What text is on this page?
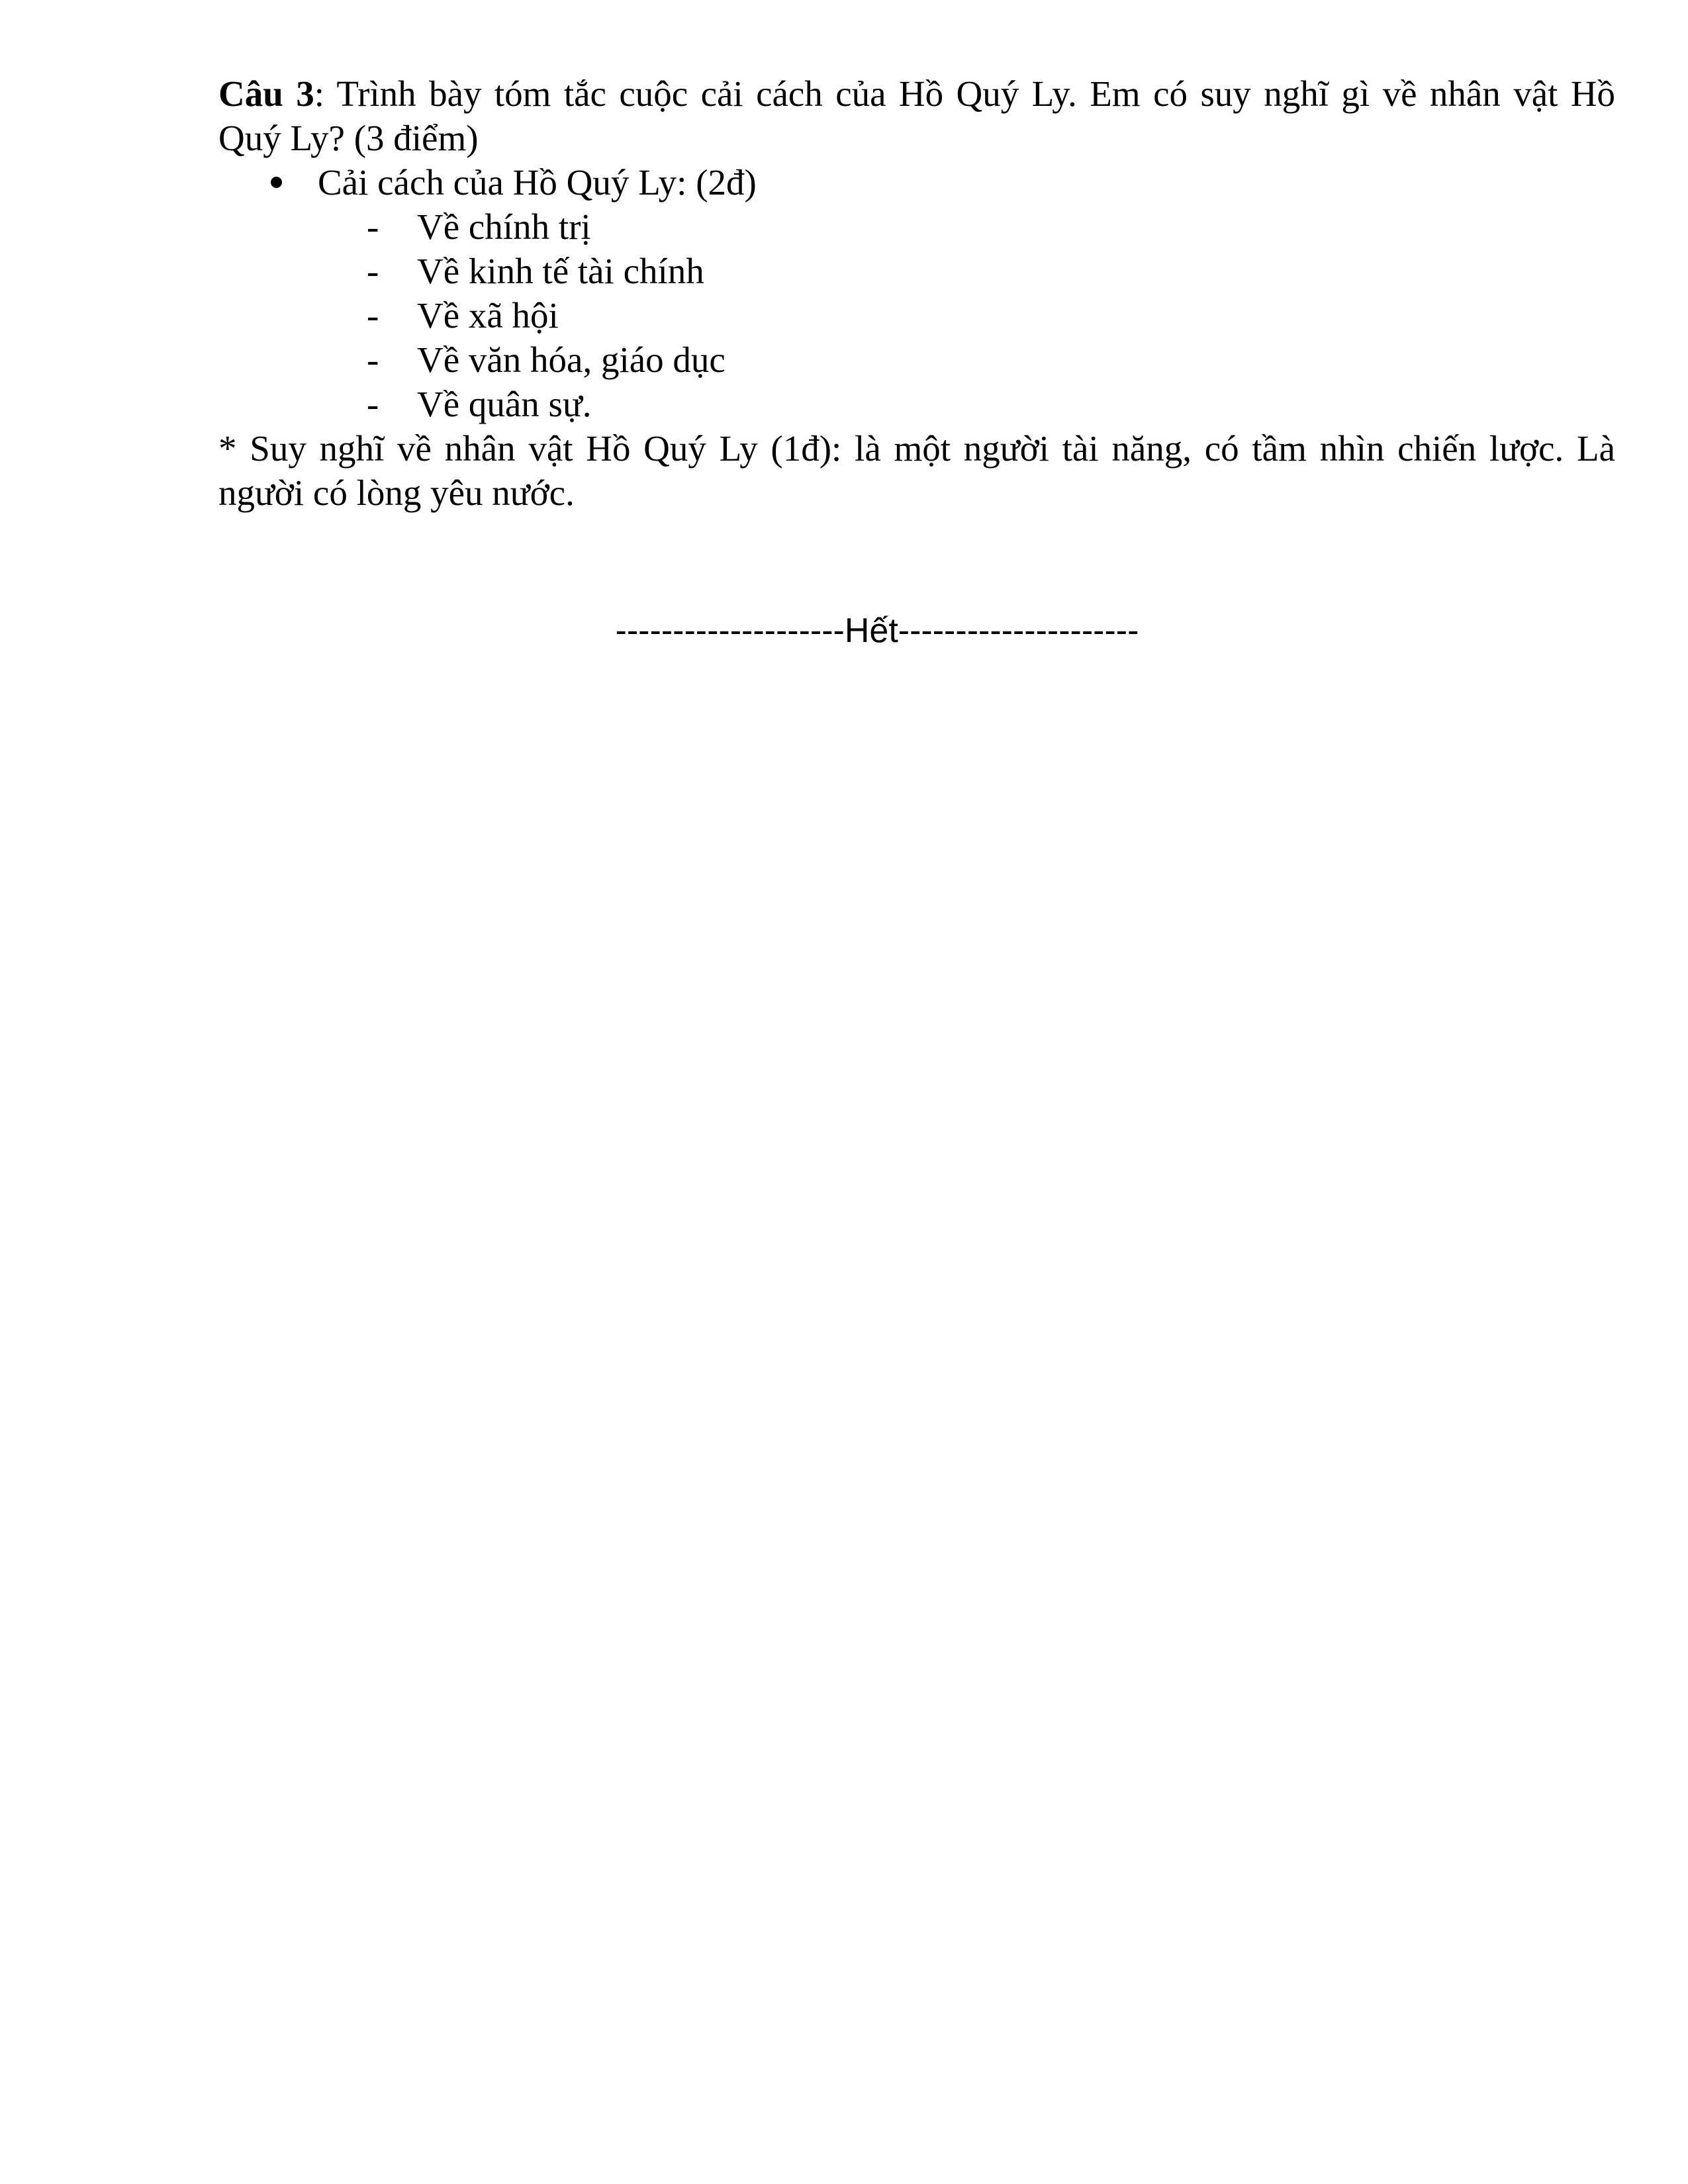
Câu 3: Trình bày tóm tắc cuộc cải cách của Hồ Quý Ly. Em có suy nghĩ gì về nhân vật Hồ
Quý Ly? (3 điểm)
Cải cách của Hồ Quý Ly: (2đ)
- Về chính trị
- Về kinh tế tài chính
- Về xã hội
- Về văn hóa, giáo dục
- Về quân sự.
* Suy nghĩ về nhân vật Hồ Quý Ly (1đ): là một người tài năng, có tầm nhìn chiến lược. Là
người có lòng yêu nước.
--------------------Hết---------------------
